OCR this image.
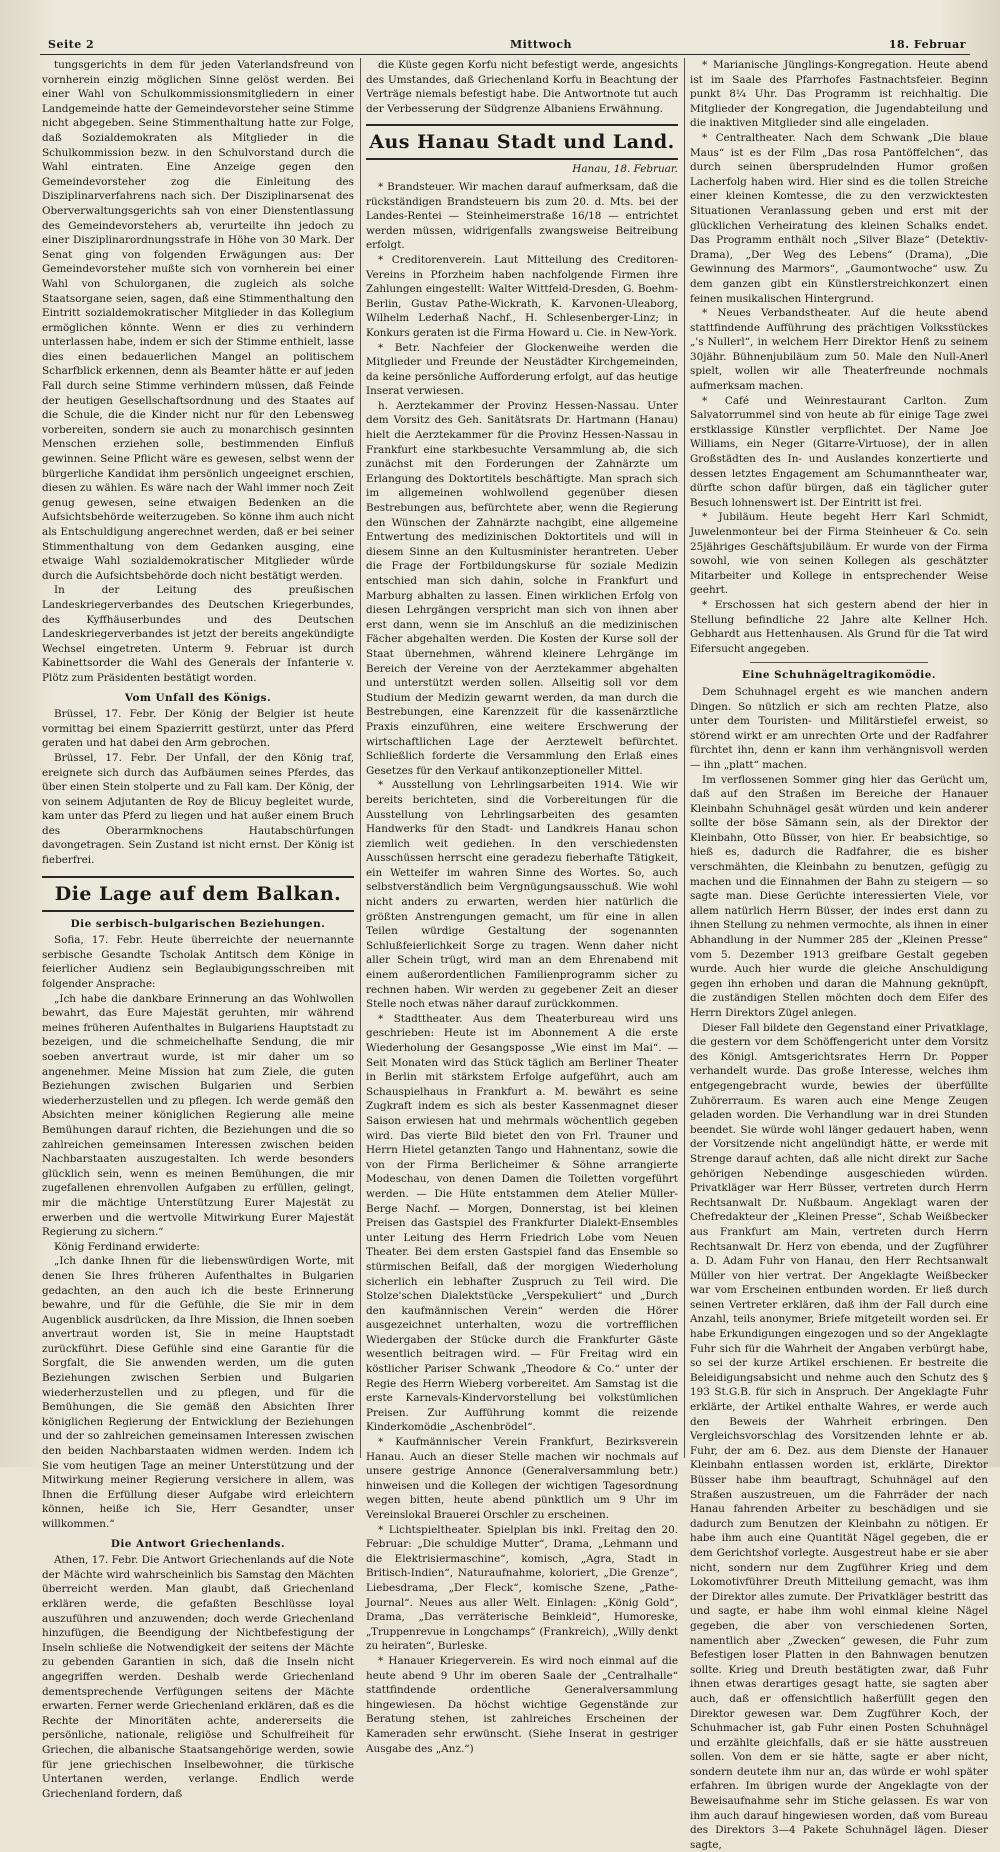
Seite 2	Mittwoch	18. Februar

tungsgerichts in dem für jeden Vaterlandsfreund von vornherein einzig möglichen Sinne gelöst werden. Bei einer Wahl von Schulkommissionsmitgliedern in einer Landgemeinde hatte der Gemeindevorsteher seine Stimme nicht abgegeben. Seine Stimmenthaltung hatte zur Folge, daß Sozialdemokraten als Mitglieder in die Schulkommission bezw. in den Schulvorstand durch die Wahl eintraten. Eine Anzeige gegen den Gemeindevorsteher zog die Einleitung des Disziplinarverfahrens nach sich. Der Disziplinarsenat des Oberverwaltungsgerichts sah von einer Dienstentlassung des Gemeindevorstehers ab, verurteilte ihn jedoch zu einer Disziplinarordnungsstrafe in Höhe von 30 Mark. Der Senat ging von folgenden Erwägungen aus: Der Gemeindevorsteher mußte sich von vornherein bei einer Wahl von Schulorganen, die zugleich als solche Staatsorgane seien, sagen, daß eine Stimmenthaltung den Eintritt sozialdemokratischer Mitglieder in das Kollegium ermöglichen könnte. Wenn er dies zu verhindern unterlassen habe, indem er sich der Stimme enthielt, lasse dies einen bedauerlichen Mangel an politischem Scharfblick erkennen, denn als Beamter hätte er auf jeden Fall durch seine Stimme verhindern müssen, daß Feinde der heutigen Gesellschaftsordnung und des Staates auf die Schule, die die Kinder nicht nur für den Lebensweg vorbereiten, sondern sie auch zu monarchisch gesinnten Menschen erziehen solle, bestimmenden Einfluß gewinnen. Seine Pflicht wäre es gewesen, selbst wenn der bürgerliche Kandidat ihm persönlich ungeeignet erschien, diesen zu wählen. Es wäre nach der Wahl immer noch Zeit genug gewesen, seine etwaigen Bedenken an die Aufsichtsbehörde weiterzugeben. So könne ihm auch nicht als Entschuldigung angerechnet werden, daß er bei seiner Stimmenthaltung von dem Gedanken ausging, eine etwaige Wahl sozialdemokratischer Mitglieder würde durch die Aufsichtsbehörde doch nicht bestätigt werden.

In der Leitung des preußischen Landeskriegerverbandes des Deutschen Kriegerbundes, des Kyffhäuserbundes und des Deutschen Landeskriegerverbandes ist jetzt der bereits angekündigte Wechsel eingetreten. Unterm 9. Februar ist durch Kabinettsorder die Wahl des Generals der Infanterie v. Plötz zum Präsidenten bestätigt worden.

Vom Unfall des Königs.

Brüssel, 17. Febr. Der König der Belgier ist heute vormittag bei einem Spazierritt gestürzt, unter das Pferd geraten und hat dabei den Arm gebrochen.

Brüssel, 17. Febr. Der Unfall, der den König traf, ereignete sich durch das Aufbäumen seines Pferdes, das über einen Stein stolperte und zu Fall kam. Der König, der von seinem Adjutanten de Roy de Blicuy begleitet wurde, kam unter das Pferd zu liegen und hat außer einem Bruch des Oberarmknochens Hautabschürfungen davongetragen. Sein Zustand ist nicht ernst. Der König ist fieberfrei.

Die Lage auf dem Balkan.
Die serbisch-bulgarischen Beziehungen.

Sofia, 17. Febr. Heute überreichte der neuernannte serbische Gesandte Tscholak Antitsch dem Könige in feierlicher Audienz sein Beglaubigungsschreiben mit folgender Ansprache:

„Ich habe die dankbare Erinnerung an das Wohlwollen bewahrt, das Eure Majestät geruhten, mir während meines früheren Aufenthaltes in Bulgariens Hauptstadt zu bezeigen, und die schmeichelhafte Sendung, die mir soeben anvertraut wurde, ist mir daher um so angenehmer. Meine Mission hat zum Ziele, die guten Beziehungen zwischen Bulgarien und Serbien wiederherzustellen und zu pflegen. Ich werde gemäß den Absichten meiner königlichen Regierung alle meine Bemühungen darauf richten, die Beziehungen und die so zahlreichen gemeinsamen Interessen zwischen beiden Nachbarstaaten auszugestalten. Ich werde besonders glücklich sein, wenn es meinen Bemühungen, die mir zugefallenen ehrenvollen Aufgaben zu erfüllen, gelingt, mir die mächtige Unterstützung Eurer Majestät zu erwerben und die wertvolle Mitwirkung Eurer Majestät Regierung zu sichern.“

König Ferdinand erwiderte:

„Ich danke Ihnen für die liebenswürdigen Worte, mit denen Sie Ihres früheren Aufenthaltes in Bulgarien gedachten, an den auch ich die beste Erinnerung bewahre, und für die Gefühle, die Sie mir in dem Augenblick ausdrücken, da Ihre Mission, die Ihnen soeben anvertraut worden ist, Sie in meine Hauptstadt zurückführt. Diese Gefühle sind eine Garantie für die Sorgfalt, die Sie anwenden werden, um die guten Beziehungen zwischen Serbien und Bulgarien wiederherzustellen und zu pflegen, und für die Bemühungen, die Sie gemäß den Absichten Ihrer königlichen Regierung der Entwicklung der Beziehungen und der so zahlreichen gemeinsamen Interessen zwischen den beiden Nachbarstaaten widmen werden. Indem ich Sie vom heutigen Tage an meiner Unterstützung und der Mitwirkung meiner Regierung versichere in allem, was Ihnen die Erfüllung dieser Aufgabe wird erleichtern können, heiße ich Sie, Herr Gesandter, unser willkommen.“

Die Antwort Griechenlands.

Athen, 17. Febr. Die Antwort Griechenlands auf die Note der Mächte wird wahrscheinlich bis Samstag den Mächten überreicht werden. Man glaubt, daß Griechenland erklären werde, die gefaßten Beschlüsse loyal auszuführen und anzuwenden; doch werde Griechenland hinzufügen, die Beendigung der Nichtbefestigung der Inseln schließe die Notwendigkeit der seitens der Mächte zu gebenden Garantien in sich, daß die Inseln nicht angegriffen werden. Deshalb werde Griechenland dementsprechende Verfügungen seitens der Mächte erwarten. Ferner werde Griechenland erklären, daß es die Rechte der Minoritäten achte, andererseits die persönliche, nationale, religiöse und Schulfreiheit für Griechen, die albanische Staatsangehörige werden, sowie für jene griechischen Inselbewohner, die türkische Untertanen werden, verlange. Endlich werde Griechenland fordern, daß

die Küste gegen Korfu nicht befestigt werde, angesichts des Umstandes, daß Griechenland Korfu in Beachtung der Verträge niemals befestigt habe. Die Antwortnote tut auch der Verbesserung der Südgrenze Albaniens Erwähnung.

Aus Hanau Stadt und Land.
Hanau, 18. Februar.

* Brandsteuer. Wir machen darauf aufmerksam, daß die rückständigen Brandsteuern bis zum 20. d. Mts. bei der Landes-Rentei — Steinheimerstraße 16/18 — entrichtet werden müssen, widrigenfalls zwangsweise Beitreibung erfolgt.

* Creditorenverein. Laut Mitteilung des Creditoren-Vereins in Pforzheim haben nachfolgende Firmen ihre Zahlungen eingestellt: Walter Wittfeld-Dresden, G. Boehm-Berlin, Gustav Pathe-Wickrath, K. Karvonen-Uleaborg, Wilhelm Lederhaß Nachf., H. Schlesenberger-Linz; in Konkurs geraten ist die Firma Howard u. Cie. in New-York.

* Betr. Nachfeier der Glockenweihe werden die Mitglieder und Freunde der Neustädter Kirchgemeinden, da keine persönliche Aufforderung erfolgt, auf das heutige Inserat verwiesen.

h. Aerztekammer der Provinz Hessen-Nassau. Unter dem Vorsitz des Geh. Sanitätsrats Dr. Hartmann (Hanau) hielt die Aerztekammer für die Provinz Hessen-Nassau in Frankfurt eine starkbesuchte Versammlung ab, die sich zunächst mit den Forderungen der Zahnärzte um Erlangung des Doktortitels beschäftigte. Man sprach sich im allgemeinen wohlwollend gegenüber diesen Bestrebungen aus, befürchtete aber, wenn die Regierung den Wünschen der Zahnärzte nachgibt, eine allgemeine Entwertung des medizinischen Doktortitels und will in diesem Sinne an den Kultusminister herantreten. Ueber die Frage der Fortbildungskurse für soziale Medizin entschied man sich dahin, solche in Frankfurt und Marburg abhalten zu lassen. Einen wirklichen Erfolg von diesen Lehrgängen verspricht man sich von ihnen aber erst dann, wenn sie im Anschluß an die medizinischen Fächer abgehalten werden. Die Kosten der Kurse soll der Staat übernehmen, während kleinere Lehrgänge im Bereich der Vereine von der Aerztekammer abgehalten und unterstützt werden sollen. Allseitig soll vor dem Studium der Medizin gewarnt werden, da man durch die Bestrebungen, eine Karenzzeit für die kassenärztliche Praxis einzuführen, eine weitere Erschwerung der wirtschaftlichen Lage der Aerztewelt befürchtet. Schließlich forderte die Versammlung den Erlaß eines Gesetzes für den Verkauf antikonzeptioneller Mittel.

* Ausstellung von Lehrlingsarbeiten 1914. Wie wir bereits berichteten, sind die Vorbereitungen für die Ausstellung von Lehrlingsarbeiten des gesamten Handwerks für den Stadt- und Landkreis Hanau schon ziemlich weit gediehen. In den verschiedensten Ausschüssen herrscht eine geradezu fieberhafte Tätigkeit, ein Wetteifer im wahren Sinne des Wortes. So, auch selbstverständlich beim Vergnügungsausschuß. Wie wohl nicht anders zu erwarten, werden hier natürlich die größten Anstrengungen gemacht, um für eine in allen Teilen würdige Gestaltung der sogenannten Schlußfeierlichkeit Sorge zu tragen. Wenn daher nicht aller Schein trügt, wird man an dem Ehrenabend mit einem außerordentlichen Familienprogramm sicher zu rechnen haben. Wir werden zu gegebener Zeit an dieser Stelle noch etwas näher darauf zurückkommen.

* Stadttheater. Aus dem Theaterbureau wird uns geschrieben: Heute ist im Abonnement A die erste Wiederholung der Gesangsposse „Wie einst im Mai“. — Seit Monaten wird das Stück täglich am Berliner Theater in Berlin mit stärkstem Erfolge aufgeführt, auch am Schauspielhaus in Frankfurt a. M. bewährt es seine Zugkraft indem es sich als bester Kassenmagnet dieser Saison erwiesen hat und mehrmals wöchentlich gegeben wird. Das vierte Bild bietet den von Frl. Trauner und Herrn Hietel getanzten Tango und Hahnentanz, sowie die von der Firma Berlicheimer & Söhne arrangierte Modeschau, von denen Damen die Toiletten vorgeführt werden. — Die Hüte entstammen dem Atelier Müller-Berge Nachf. — Morgen, Donnerstag, ist bei kleinen Preisen das Gastspiel des Frankfurter Dialekt-Ensembles unter Leitung des Herrn Friedrich Lobe vom Neuen Theater. Bei dem ersten Gastspiel fand das Ensemble so stürmischen Beifall, daß der morgigen Wiederholung sicherlich ein lebhafter Zuspruch zu Teil wird. Die Stolze'schen Dialektstücke „Verspekuliert“ und „Durch den kaufmännischen Verein“ werden die Hörer ausgezeichnet unterhalten, wozu die vortrefflichen Wiedergaben der Stücke durch die Frankfurter Gäste wesentlich beitragen wird. — Für Freitag wird ein köstlicher Pariser Schwank „Theodore & Co.“ unter der Regie des Herrn Wieberg vorbereitet. Am Samstag ist die erste Karnevals-Kindervorstellung bei volkstümlichen Preisen. Zur Aufführung kommt die reizende Kinderkomödie „Aschenbrödel“.

* Kaufmännischer Verein Frankfurt, Bezirksverein Hanau. Auch an dieser Stelle machen wir nochmals auf unsere gestrige Annonce (Generalversammlung betr.) hinweisen und die Kollegen der wichtigen Tagesordnung wegen bitten, heute abend pünktlich um 9 Uhr im Vereinslokal Brauerei Orschler zu erscheinen.

* Lichtspieltheater. Spielplan bis inkl. Freitag den 20. Februar: „Die schuldige Mutter“, Drama, „Lehmann und die Elektrisiermaschine“, komisch, „Agra, Stadt in Britisch-Indien“, Naturaufnahme, koloriert, „Die Grenze“, Liebesdrama, „Der Fleck“, komische Szene, „Pathe-Journal“. Neues aus aller Welt. Einlagen: „König Gold“, Drama, „Das verräterische Beinkleid“, Humoreske, „Truppenrevue in Longchamps“ (Frankreich), „Willy denkt zu heiraten“, Burleske.

* Hanauer Kriegerverein. Es wird noch einmal auf die heute abend 9 Uhr im oberen Saale der „Centralhalle“ stattfindende ordentliche Generalversammlung hingewiesen. Da höchst wichtige Gegenstände zur Beratung stehen, ist zahlreiches Erscheinen der Kameraden sehr erwünscht. (Siehe Inserat in gestriger Ausgabe des „Anz.“)

* Marianische Jünglings-Kongregation. Heute abend ist im Saale des Pfarrhofes Fastnachtsfeier. Beginn punkt 8¼ Uhr. Das Programm ist reichhaltig. Die Mitglieder der Kongregation, die Jugendabteilung und die inaktiven Mitglieder sind alle eingeladen.

* Centraltheater. Nach dem Schwank „Die blaue Maus“ ist es der Film „Das rosa Pantöffelchen“, das durch seinen übersprudelnden Humor großen Lacherfolg haben wird. Hier sind es die tollen Streiche einer kleinen Komtesse, die zu den verzwicktesten Situationen Veranlassung geben und erst mit der glücklichen Verheiratung des kleinen Schalks endet. Das Programm enthält noch „Silver Blaze“ (Detektiv-Drama), „Der Weg des Lebens“ (Drama), „Die Gewinnung des Marmors“, „Gaumontwoche“ usw. Zu dem ganzen gibt ein Künstlerstreichkonzert einen feinen musikalischen Hintergrund.

* Neues Verbandstheater. Auf die heute abend stattfindende Aufführung des prächtigen Volksstückes „'s Nullerl“, in welchem Herr Direktor Henß zu seinem 30jähr. Bühnenjubiläum zum 50. Male den Null-Anerl spielt, wollen wir alle Theaterfreunde nochmals aufmerksam machen.

* Café und Weinrestaurant Carlton. Zum Salvatorrummel sind von heute ab für einige Tage zwei erstklassige Künstler verpflichtet. Der Name Joe Williams, ein Neger (Gitarre-Virtuose), der in allen Großstädten des In- und Auslandes konzertierte und dessen letztes Engagement am Schumanntheater war, dürfte schon dafür bürgen, daß ein täglicher guter Besuch lohnenswert ist. Der Eintritt ist frei.

* Jubiläum. Heute begeht Herr Karl Schmidt, Juwelenmonteur bei der Firma Steinheuer & Co. sein 25jähriges Geschäftsjubiläum. Er wurde von der Firma sowohl, wie von seinen Kollegen als geschätzter Mitarbeiter und Kollege in entsprechender Weise geehrt.

* Erschossen hat sich gestern abend der hier in Stellung befindliche 22 Jahre alte Kellner Hch. Gebhardt aus Hettenhausen. Als Grund für die Tat wird Eifersucht angegeben.

Eine Schuhnägeltragikomödie.

Dem Schuhnagel ergeht es wie manchen andern Dingen. So nützlich er sich am rechten Platze, also unter dem Touristen- und Militärstiefel erweist, so störend wirkt er am unrechten Orte und der Radfahrer fürchtet ihn, denn er kann ihm verhängnisvoll werden — ihn „platt“ machen.

Im verflossenen Sommer ging hier das Gerücht um, daß auf den Straßen im Bereiche der Hanauer Kleinbahn Schuhnägel gesät würden und kein anderer sollte der böse Sämann sein, als der Direktor der Kleinbahn, Otto Büsser, von hier. Er beabsichtige, so hieß es, dadurch die Radfahrer, die es bisher verschmähten, die Kleinbahn zu benutzen, gefügig zu machen und die Einnahmen der Bahn zu steigern — so sagte man. Diese Gerüchte interessierten Viele, vor allem natürlich Herrn Büsser, der indes erst dann zu ihnen Stellung zu nehmen vermochte, als ihnen in einer Abhandlung in der Nummer 285 der „Kleinen Presse“ vom 5. Dezember 1913 greifbare Gestalt gegeben wurde. Auch hier wurde die gleiche Anschuldigung gegen ihn erhoben und daran die Mahnung geknüpft, die zuständigen Stellen möchten doch dem Eifer des Herrn Direktors Zügel anlegen.

Dieser Fall bildete den Gegenstand einer Privatklage, die gestern vor dem Schöffengericht unter dem Vorsitz des Königl. Amtsgerichtsrates Herrn Dr. Popper verhandelt wurde. Das große Interesse, welches ihm entgegengebracht wurde, bewies der überfüllte Zuhörerraum. Es waren auch eine Menge Zeugen geladen worden. Die Verhandlung war in drei Stunden beendet. Sie würde wohl länger gedauert haben, wenn der Vorsitzende nicht angelündigt hätte, er werde mit Strenge darauf achten, daß alle nicht direkt zur Sache gehörigen Nebendinge ausgeschieden würden. Privatkläger war Herr Büsser, vertreten durch Herrn Rechtsanwalt Dr. Nußbaum. Angeklagt waren der Chefredakteur der „Kleinen Presse“, Schab Weißbecker aus Frankfurt am Main, vertreten durch Herrn Rechtsanwalt Dr. Herz von ebenda, und der Zugführer a. D. Adam Fuhr von Hanau, den Herr Rechtsanwalt Müller von hier vertrat. Der Angeklagte Weißbecker war vom Erscheinen entbunden worden. Er ließ durch seinen Vertreter erklären, daß ihm der Fall durch eine Anzahl, teils anonymer, Briefe mitgeteilt worden sei. Er habe Erkundigungen eingezogen und so der Angeklagte Fuhr sich für die Wahrheit der Angaben verbürgt habe, so sei der kurze Artikel erschienen. Er bestreite die Beleidigungsabsicht und nehme auch den Schutz des § 193 St.G.B. für sich in Anspruch. Der Angeklagte Fuhr erklärte, der Artikel enthalte Wahres, er werde auch den Beweis der Wahrheit erbringen. Den Vergleichsvorschlag des Vorsitzenden lehnte er ab. Fuhr, der am 6. Dez. aus dem Dienste der Hanauer Kleinbahn entlassen worden ist, erklärte, Direktor Büsser habe ihm beauftragt, Schuhnägel auf den Straßen auszustreuen, um die Fahrräder der nach Hanau fahrenden Arbeiter zu beschädigen und sie dadurch zum Benutzen der Kleinbahn zu nötigen. Er habe ihm auch eine Quantität Nägel gegeben, die er dem Gerichtshof vorlegte. Ausgestreut habe er sie aber nicht, sondern nur dem Zugführer Krieg und dem Lokomotivführer Dreuth Mitteilung gemacht, was ihm der Direktor alles zumute. Der Privatkläger bestritt das und sagte, er habe ihm wohl einmal kleine Nägel gegeben, die aber von verschiedenen Sorten, namentlich aber „Zwecken“ gewesen, die Fuhr zum Befestigen loser Platten in den Bahnwagen benutzen sollte. Krieg und Dreuth bestätigten zwar, daß Fuhr ihnen etwas derartiges gesagt hatte, sie sagten aber auch, daß er offensichtlich haßerfüllt gegen den Direktor gewesen war. Dem Zugführer Koch, der Schuhmacher ist, gab Fuhr einen Posten Schuhnägel und erzählte gleichfalls, daß er sie hätte ausstreuen sollen. Von dem er sie hätte, sagte er aber nicht, sondern deutete ihm nur an, das würde er wohl später erfahren. Im übrigen wurde der Angeklagte von der Beweisaufnahme sehr im Stiche gelassen. Es war von ihm auch darauf hingewiesen worden, daß vom Bureau des Direktors 3—4 Pakete Schuhnägel lägen. Dieser sagte,
